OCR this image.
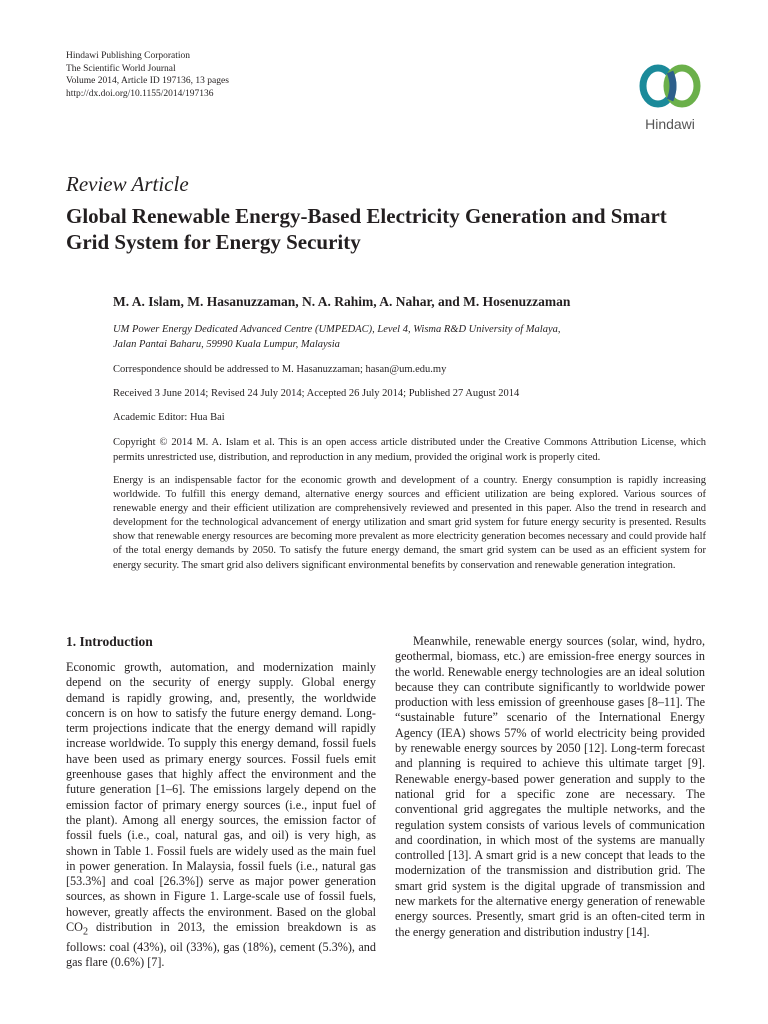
Hindawi Publishing Corporation
The Scientific World Journal
Volume 2014, Article ID 197136, 13 pages
http://dx.doi.org/10.1155/2014/197136
Hindawi
Review Article
Global Renewable Energy-Based Electricity Generation and Smart Grid System for Energy Security
M. A. Islam, M. Hasanuzzaman, N. A. Rahim, A. Nahar, and M. Hosenuzzaman
UM Power Energy Dedicated Advanced Centre (UMPEDAC), Level 4, Wisma R&D University of Malaya,
Jalan Pantai Baharu, 59990 Kuala Lumpur, Malaysia
Correspondence should be addressed to M. Hasanuzzaman; hasan@um.edu.my
Received 3 June 2014; Revised 24 July 2014; Accepted 26 July 2014; Published 27 August 2014
Academic Editor: Hua Bai
Copyright © 2014 M. A. Islam et al. This is an open access article distributed under the Creative Commons Attribution License, which permits unrestricted use, distribution, and reproduction in any medium, provided the original work is properly cited.
Energy is an indispensable factor for the economic growth and development of a country. Energy consumption is rapidly increasing worldwide. To fulfill this energy demand, alternative energy sources and efficient utilization are being explored. Various sources of renewable energy and their efficient utilization are comprehensively reviewed and presented in this paper. Also the trend in research and development for the technological advancement of energy utilization and smart grid system for future energy security is presented. Results show that renewable energy resources are becoming more prevalent as more electricity generation becomes necessary and could provide half of the total energy demands by 2050. To satisfy the future energy demand, the smart grid system can be used as an efficient system for energy security. The smart grid also delivers significant environmental benefits by conservation and renewable generation integration.
1. Introduction
Economic growth, automation, and modernization mainly depend on the security of energy supply. Global energy demand is rapidly growing, and, presently, the worldwide concern is on how to satisfy the future energy demand. Long-term projections indicate that the energy demand will rapidly increase worldwide. To supply this energy demand, fossil fuels have been used as primary energy sources. Fossil fuels emit greenhouse gases that highly affect the environment and the future generation [1–6]. The emissions largely depend on the emission factor of primary energy sources (i.e., input fuel of the plant). Among all energy sources, the emission factor of fossil fuels (i.e., coal, natural gas, and oil) is very high, as shown in Table 1. Fossil fuels are widely used as the main fuel in power generation. In Malaysia, fossil fuels (i.e., natural gas [53.3%] and coal [26.3%]) serve as major power generation sources, as shown in Figure 1. Large-scale use of fossil fuels, however, greatly affects the environment. Based on the global $CO_2$ distribution in 2013, the emission breakdown is as follows: coal (43%), oil (33%), gas (18%), cement (5.3%), and gas flare (0.6%) [7].
Meanwhile, renewable energy sources (solar, wind, hydro, geothermal, biomass, etc.) are emission-free energy sources in the world. Renewable energy technologies are an ideal solution because they can contribute significantly to worldwide power production with less emission of greenhouse gases [8–11]. The “sustainable future” scenario of the International Energy Agency (IEA) shows 57% of world electricity being provided by renewable energy sources by 2050 [12]. Long-term forecast and planning is required to achieve this ultimate target [9]. Renewable energy-based power generation and supply to the national grid for a specific zone are necessary. The conventional grid aggregates the multiple networks, and the regulation system consists of various levels of communication and coordination, in which most of the systems are manually controlled [13]. A smart grid is a new concept that leads to the modernization of the transmission and distribution grid. The smart grid system is the digital upgrade of transmission and new markets for the alternative energy generation of renewable energy sources. Presently, smart grid is an often-cited term in the energy generation and distribution industry [14].
